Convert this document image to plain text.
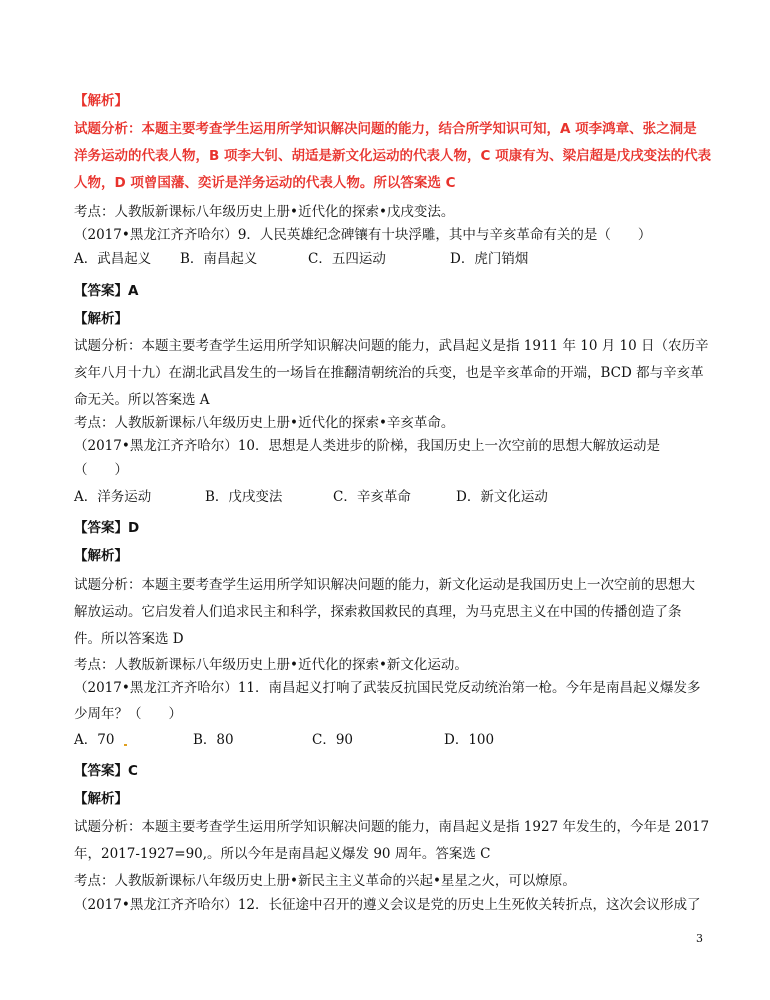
【解析】
试题分析：本题主要考查学生运用所学知识解决问题的能力，结合所学知识可知，A 项李鸿章、张之洞是
洋务运动的代表人物，B 项李大钊、胡适是新文化运动的代表人物，C 项康有为、梁启超是戊戌变法的代表
人物，D 项曾国藩、奕䜣是洋务运动的代表人物。所以答案选 C
考点：人教版新课标八年级历史上册•近代化的探索•戊戌变法。
（2017•黑龙江齐齐哈尔）9．人民英雄纪念碑镶有十块浮雕，其中与辛亥革命有关的是（　　）
A．武昌起义 B．南昌起义	C．五四运动	D．虎门销烟
【答案】A
【解析】
试题分析：本题主要考查学生运用所学知识解决问题的能力，武昌起义是指 1911 年 10 月 10 日（农历辛
亥年八月十九）在湖北武昌发生的一场旨在推翻清朝统治的兵变，也是辛亥革命的开端，BCD 都与辛亥革
命无关。所以答案选 A
考点：人教版新课标八年级历史上册•近代化的探索•辛亥革命。
（2017•黑龙江齐齐哈尔）10．思想是人类进步的阶梯，我国历史上一次空前的思想大解放运动是
（　　）
A．洋务运动	B．戊戌变法	C．辛亥革命	D．新文化运动
【答案】D
【解析】
试题分析：本题主要考查学生运用所学知识解决问题的能力，新文化运动是我国历史上一次空前的思想大
解放运动。它启发着人们追求民主和科学，探索救国救民的真理，为马克思主义在中国的传播创造了条
件。所以答案选 D
考点：人教版新课标八年级历史上册•近代化的探索•新文化运动。
（2017•黑龙江齐齐哈尔）11．南昌起义打响了武装反抗国民党反动统治第一枪。今年是南昌起义爆发多
少周年？（　　）
A．70	B．80	C．90	D．100
【答案】C
【解析】
试题分析：本题主要考查学生运用所学知识解决问题的能力，南昌起义是指 1927 年发生的，今年是 2017
年，2017-1927=90,。所以今年是南昌起义爆发 90 周年。答案选 C
考点：人教版新课标八年级历史上册•新民主主义革命的兴起•星星之火，可以燎原。
（2017•黑龙江齐齐哈尔）12．长征途中召开的遵义会议是党的历史上生死攸关转折点，这次会议形成了
3
